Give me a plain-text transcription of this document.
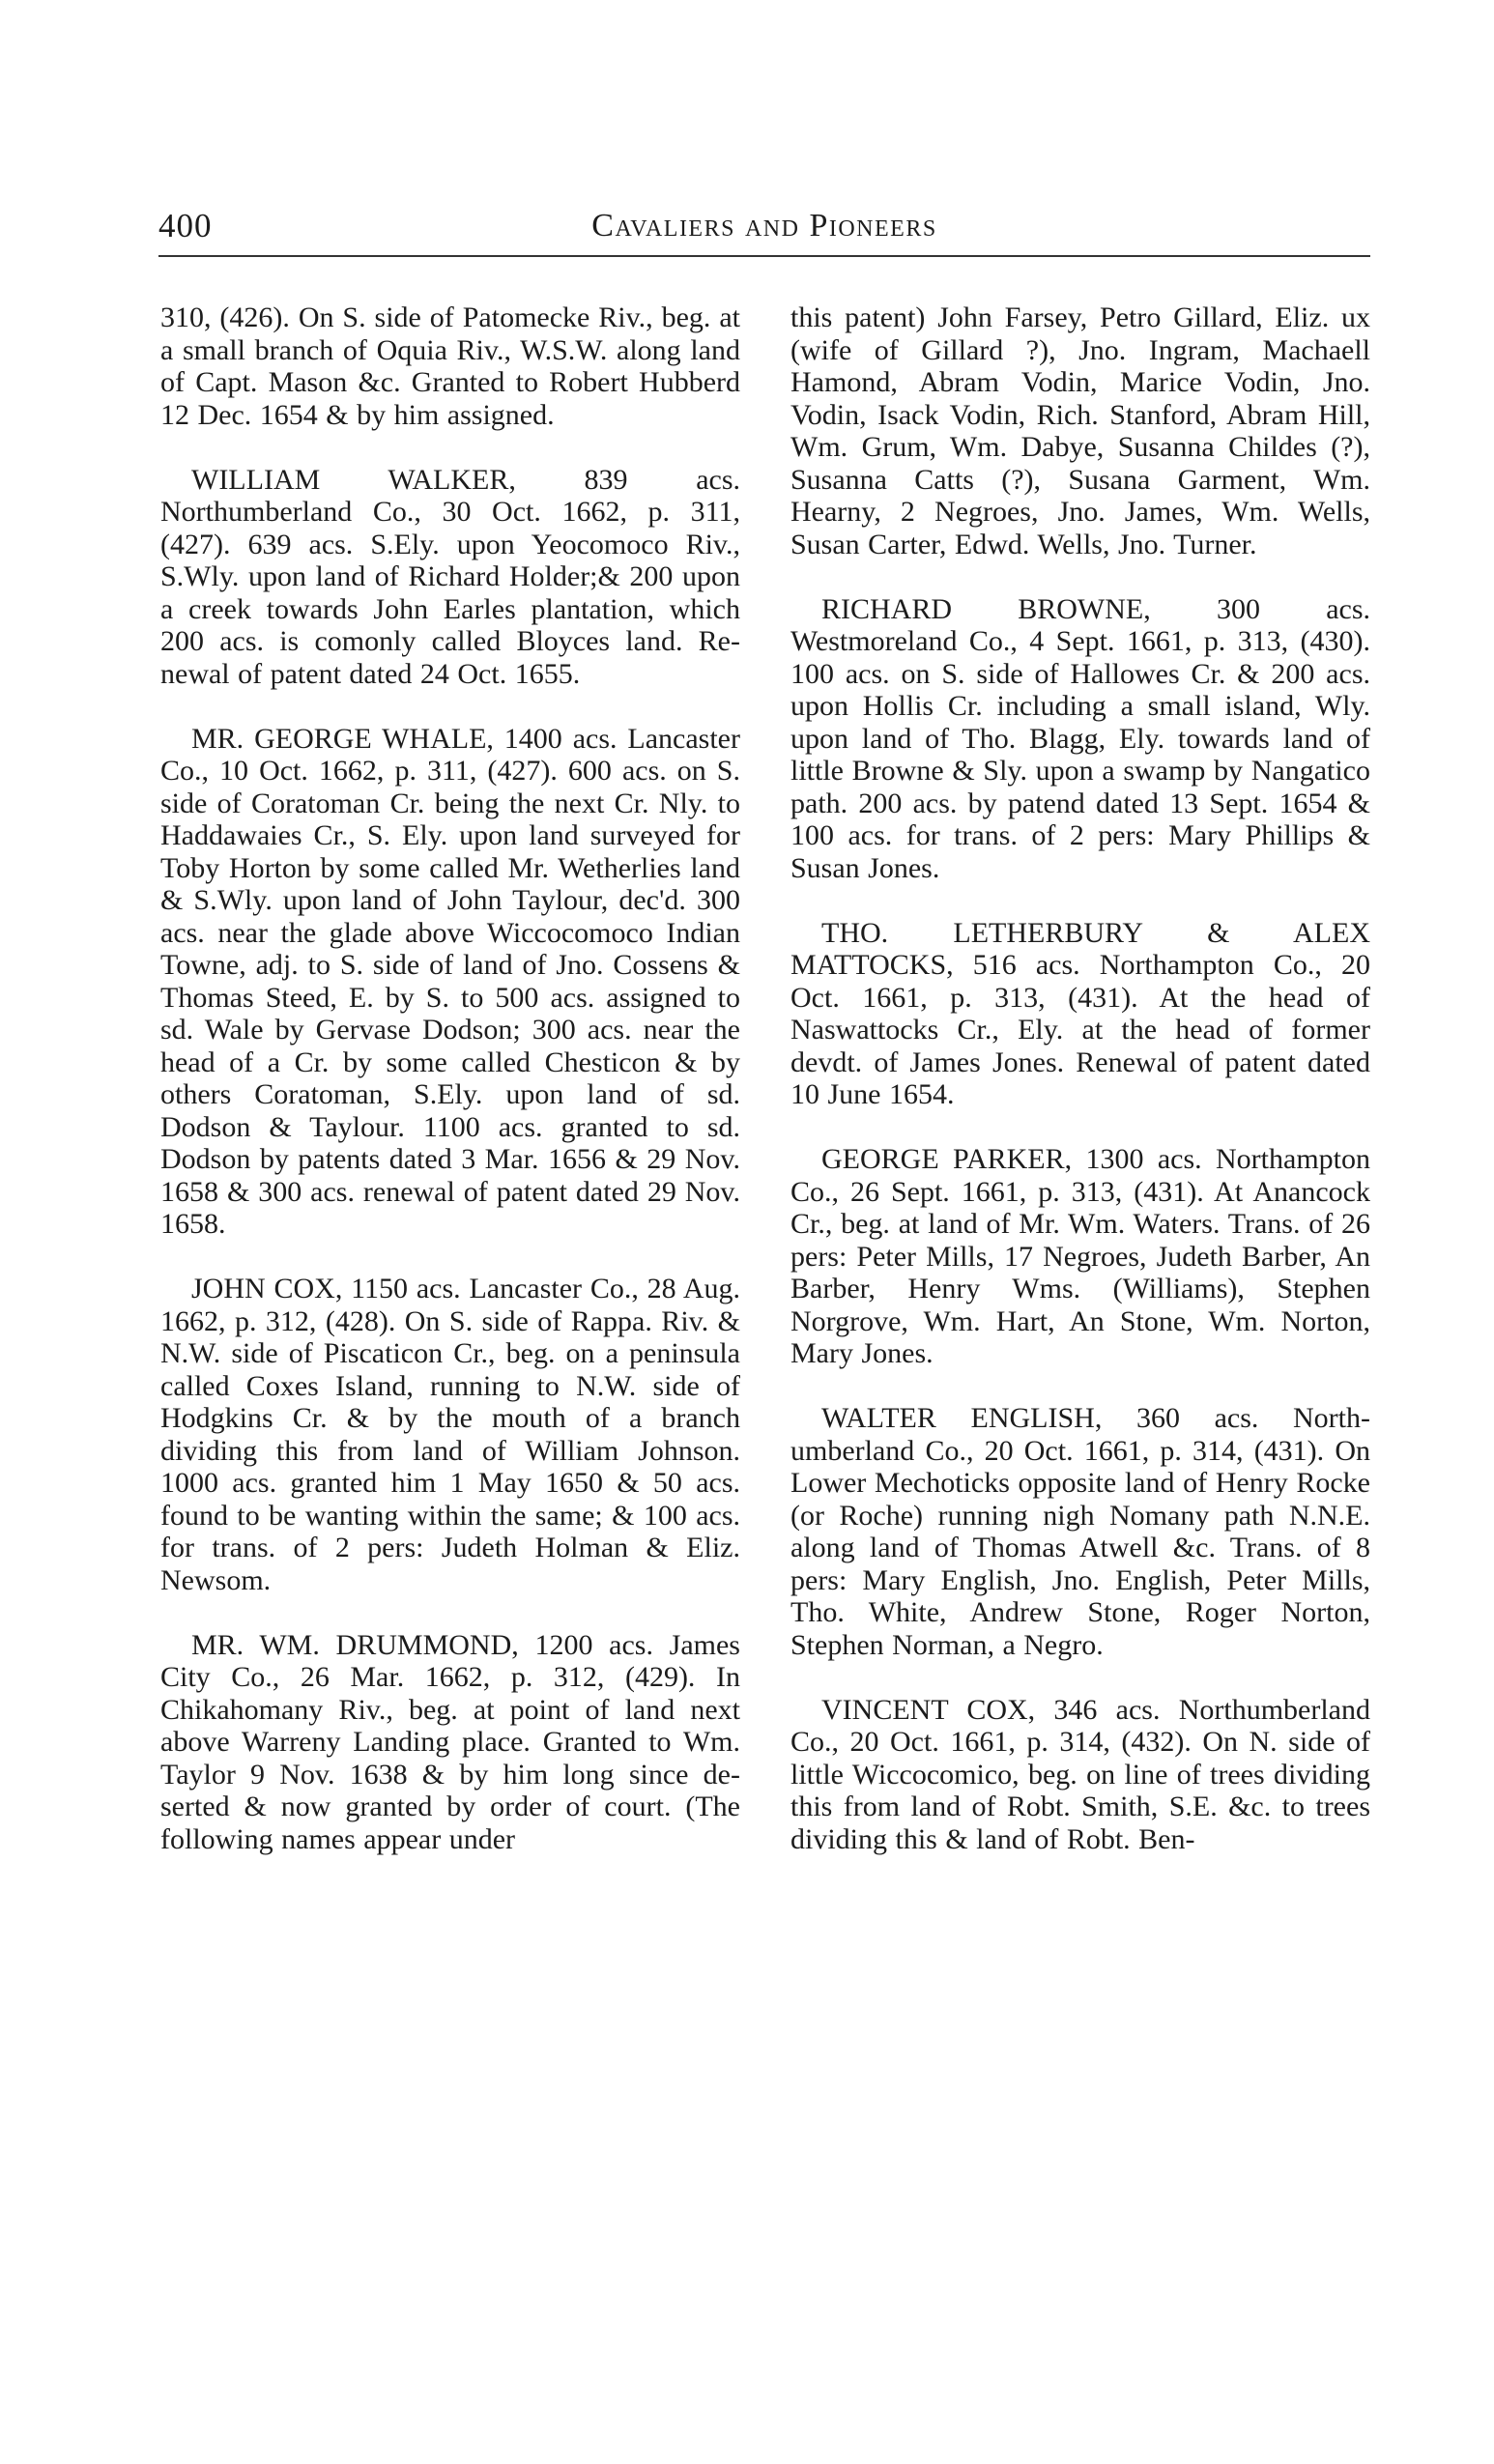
400	Cavaliers and Pioneers

310, (426). On S. side of Patomecke Riv., beg. at a small branch of Oquia Riv., W.S.W. along land of Capt. Mason &c. Granted to Robert Hubberd 12 Dec. 1654 & by him assigned.

WILLIAM WALKER, 839 acs. Northumberland Co., 30 Oct. 1662, p. 311, (427). 639 acs. S.Ely. upon Yeocomoco Riv., S.Wly. upon land of Richard Holder;& 200 upon a creek towards John Earles plantation, which 200 acs. is comonly called Bloyces land. Renewal of patent dated 24 Oct. 1655.

MR. GEORGE WHALE, 1400 acs. Lancaster Co., 10 Oct. 1662, p. 311, (427). 600 acs. on S. side of Coratoman Cr. being the next Cr. Nly. to Haddawaies Cr., S. Ely. upon land surveyed for Toby Horton by some called Mr. Wetherlies land & S.Wly. upon land of John Taylour, dec'd. 300 acs. near the glade above Wiccocomoco Indian Towne, adj. to S. side of land of Jno. Cossens & Thomas Steed, E. by S. to 500 acs. assigned to sd. Wale by Gervase Dodson; 300 acs. near the head of a Cr. by some called Chesticon & by others Coratoman, S.Ely. upon land of sd. Dodson & Taylour. 1100 acs. granted to sd. Dodson by patents dated 3 Mar. 1656 & 29 Nov. 1658 & 300 acs. renewal of patent dated 29 Nov. 1658.

JOHN COX, 1150 acs. Lancaster Co., 28 Aug. 1662, p. 312, (428). On S. side of Rappa. Riv. & N.W. side of Piscaticon Cr., beg. on a peninsula called Coxes Island, running to N.W. side of Hodgkins Cr. & by the mouth of a branch dividing this from land of William Johnson. 1000 acs. granted him 1 May 1650 & 50 acs. found to be wanting within the same; & 100 acs. for trans. of 2 pers: Judeth Holman & Eliz. Newsom.

MR. WM. DRUMMOND, 1200 acs. James City Co., 26 Mar. 1662, p. 312, (429). In Chikahomany Riv., beg. at point of land next above Warreny Landing place. Granted to Wm. Taylor 9 Nov. 1638 & by him long since deserted & now granted by order of court. (The following names appear under

this patent) John Farsey, Petro Gillard, Eliz. ux (wife of Gillard ?), Jno. Ingram, Machaell Hamond, Abram Vodin, Marice Vodin, Jno. Vodin, Isack Vodin, Rich. Stanford, Abram Hill, Wm. Grum, Wm. Dabye, Susanna Childes (?), Susanna Catts (?), Susana Garment, Wm. Hearny, 2 Negroes, Jno. James, Wm. Wells, Susan Carter, Edwd. Wells, Jno. Turner.

RICHARD BROWNE, 300 acs. Westmoreland Co., 4 Sept. 1661, p. 313, (430). 100 acs. on S. side of Hallowes Cr. & 200 acs. upon Hollis Cr. including a small island, Wly. upon land of Tho. Blagg, Ely. towards land of little Browne & Sly. upon a swamp by Nangatico path. 200 acs. by patend dated 13 Sept. 1654 & 100 acs. for trans. of 2 pers: Mary Phillips & Susan Jones.

THO. LETHERBURY & ALEX MATTOCKS, 516 acs. Northampton Co., 20 Oct. 1661, p. 313, (431). At the head of Naswattocks Cr., Ely. at the head of former devdt. of James Jones. Renewal of patent dated 10 June 1654.

GEORGE PARKER, 1300 acs. Northampton Co., 26 Sept. 1661, p. 313, (431). At Anancock Cr., beg. at land of Mr. Wm. Waters. Trans. of 26 pers: Peter Mills, 17 Negroes, Judeth Barber, An Barber, Henry Wms. (Williams), Stephen Norgrove, Wm. Hart, An Stone, Wm. Norton, Mary Jones.

WALTER ENGLISH, 360 acs. Northumberland Co., 20 Oct. 1661, p. 314, (431). On Lower Mechoticks opposite land of Henry Rocke (or Roche) running nigh Nomany path N.N.E. along land of Thomas Atwell &c. Trans. of 8 pers: Mary English, Jno. English, Peter Mills, Tho. White, Andrew Stone, Roger Norton, Stephen Norman, a Negro.

VINCENT COX, 346 acs. Northumberland Co., 20 Oct. 1661, p. 314, (432). On N. side of little Wiccocomico, beg. on line of trees dividing this from land of Robt. Smith, S.E. &c. to trees dividing this & land of Robt. Ben-
